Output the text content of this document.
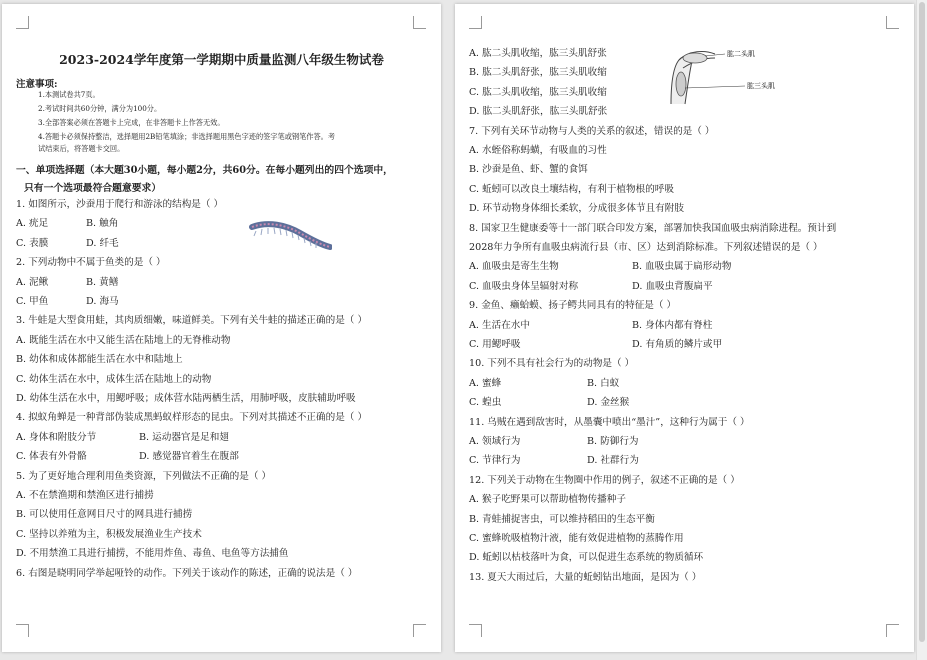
2023-2024学年度第一学期期中质量监测八年级生物试卷
注意事项:
1.本测试卷共7页。
2.考试时间共60分钟，满分为100分。
3.全部答案必须在答题卡上完成，在非答题卡上作答无效。
4.答题卡必须保持整洁，选择题用2B铅笔填涂；非选择题用黑色字迹的签字笔或钢笔作答。考
试结束后，将答题卡交回。
一、单项选择题（本大题30小题，每小题2分，共60分。在每小题列出的四个选项中，
只有一个选项最符合题意要求）
1. 如图所示，沙蚕用于爬行和游泳的结构是（ ）
A. 疣足	B. 触角
C. 表膜	D. 纤毛
2. 下列动物中不属于鱼类的是（ ）
A. 泥鳅	B. 黄鳝
C. 甲鱼	D. 海马
3. 牛蛙是大型食用蛙，其肉质细嫩，味道鲜美。下列有关牛蛙的描述正确的是（ ）
A. 既能生活在水中又能生活在陆地上的无脊椎动物
B. 幼体和成体都能生活在水中和陆地上
C. 幼体生活在水中，成体生活在陆地上的动物
D. 幼体生活在水中，用鳃呼吸；成体营水陆两栖生活，用肺呼吸，皮肤辅助呼吸
4. 拟蚁角蝉是一种背部伪装成黑蚂蚁样形态的昆虫。下列对其描述不正确的是（ ）
A. 身体和附肢分节	B. 运动器官是足和翅
C. 体表有外骨骼	D. 感觉器官着生在腹部
5. 为了更好地合理利用鱼类资源，下列做法不正确的是（ ）
A. 不在禁渔期和禁渔区进行捕捞
B. 可以使用任意网目尺寸的网具进行捕捞
C. 坚持以养殖为主，积极发展渔业生产技术
D. 不用禁渔工具进行捕捞，不能用炸鱼、毒鱼、电鱼等方法捕鱼
6. 右图是晓明同学举起哑铃的动作。下列关于该动作的陈述，正确的说法是（ ）
A. 肱二头肌收缩，肱三头肌舒张
B. 肱二头肌舒张，肱三头肌收缩
C. 肱二头肌收缩，肱三头肌收缩
D. 肱二头肌舒张，肱三头肌舒张
7. 下列有关环节动物与人类的关系的叙述，错误的是（ ）
A. 水蛭俗称蚂蟥，有吸血的习性
B. 沙蚕是鱼、虾、蟹的食饵
C. 蚯蚓可以改良土壤结构，有利于植物根的呼吸
D. 环节动物身体细长柔软，分成很多体节且有附肢
8. 国家卫生健康委等十一部门联合印发方案，部署加快我国血吸虫病消除进程。预计到
2028年力争所有血吸虫病流行县（市、区）达到消除标准。下列叙述错误的是（ ）
A. 血吸虫是寄生生物	B. 血吸虫属于扁形动物
C. 血吸虫身体呈辐射对称	D. 血吸虫背腹扁平
9. 金鱼、癞蛤蟆、扬子鳄共同具有的特征是（ ）
A. 生活在水中	B. 身体内都有脊柱
C. 用鳃呼吸	D. 有角质的鳞片或甲
10. 下列不具有社会行为的动物是（ ）
A. 蜜蜂	B. 白蚁
C. 蝗虫	D. 金丝猴
11. 乌贼在遇到敌害时，从墨囊中喷出“墨汁”，这种行为属于（ ）
A. 领域行为	B. 防御行为
C. 节律行为	D. 社群行为
12. 下列关于动物在生物圈中作用的例子，叙述不正确的是（ ）
A. 猴子吃野果可以帮助植物传播种子
B. 青蛙捕捉害虫，可以维持稻田的生态平衡
C. 蜜蜂吮吸植物汁液，能有效促进植物的蒸腾作用
D. 蚯蚓以枯枝落叶为食，可以促进生态系统的物质循环
13. 夏天大雨过后，大量的蚯蚓钻出地面，是因为（ ）
肱二头肌
肱三头肌
